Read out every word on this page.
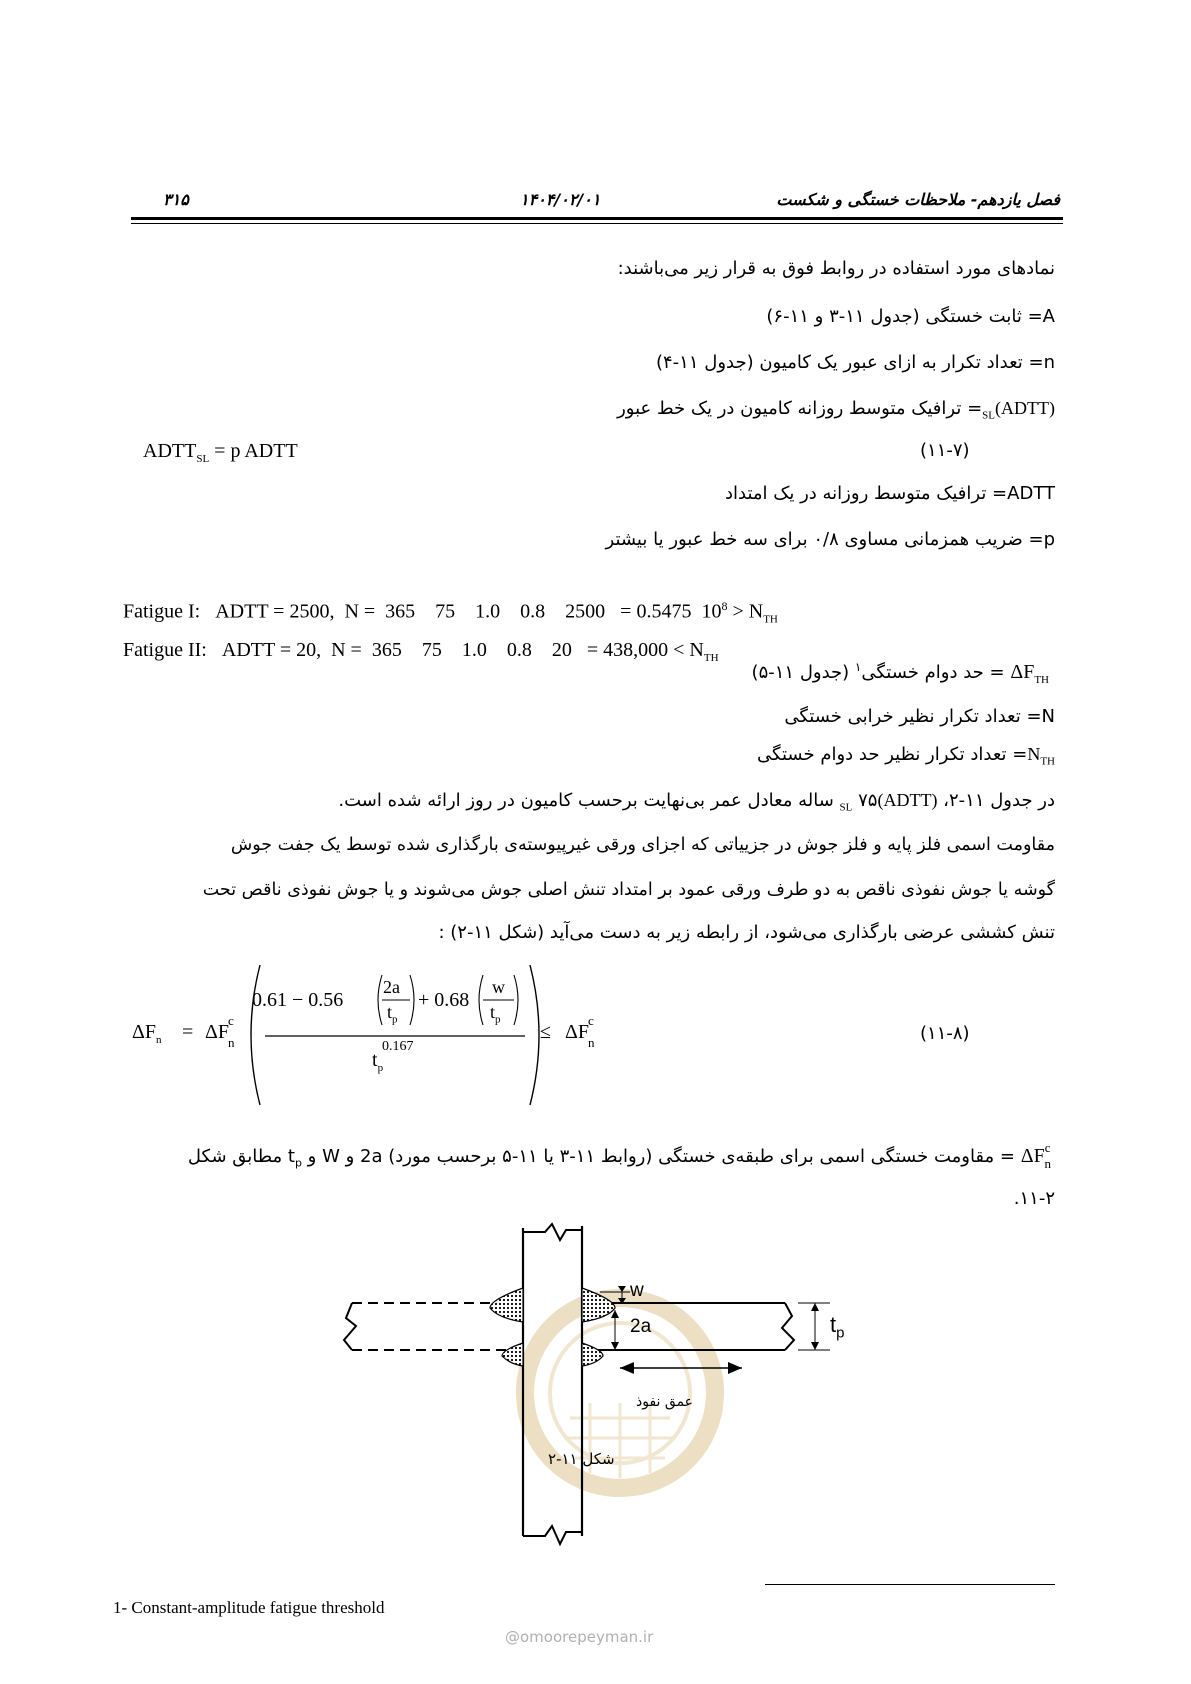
فصل یازدهم- ملاحظات خستگی و شکست
۱۴۰۴/۰۲/۰۱
۳۱۵
نمادهای مورد استفاده در روابط فوق به قرار زیر می‌باشند:
A= ثابت خستگی (جدول ۱۱-۳ و ۱۱-۶)
n= تعداد تکرار به ازای عبور یک کامیون (جدول ۱۱-۴)
$(ADTT)_{SL}=$ ترافیک متوسط روزانه کامیون در یک خط عبور
(۱۱-۷)
$ADTT_{SL} = p$ ADTT
ADTT= ترافیک متوسط روزانه در یک امتداد
p= ضریب همزمانی مساوی ۰/۸ برای سه خط عبور یا بیشتر

Fatigue I: ADTT = 2500,  N =  365    75    1.0    0.8    2500   = 0.5475  $10^8 > N_{TH}$

Fatigue II: ADTT = 20,  N =  365    75    1.0    0.8    $20 = 438,000 < N_{TH}$

$\Delta F_{TH}$ = حد دوام خستگی$^۱$ (جدول ۱۱-۵)
N= تعداد تکرار نظیر خرابی خستگی
$N_{TH}=$ تعداد تکرار نظیر حد دوام خستگی
در جدول ۱۱-۲، $(ADTT)_{SL}$ ۷۵ ساله معادل عمر بی‌نهایت برحسب کامیون در روز ارائه شده است.
مقاومت اسمی فلز پایه و فلز جوش در جزییاتی که اجزای ورقی غیرپیوسته‌ی بارگذاری شده توسط یک جفت جوش
گوشه یا جوش نفوذی ناقص به دو طرف ورقی عمود بر امتداد تنش اصلی جوش می‌شوند و یا جوش نفوذی ناقص تحت
تنش کششی عرضی بارگذاری می‌شود، از رابطه زیر به دست می‌آید (شکل ۱۱-۲) :
$\Delta F_n = \Delta F$
c
n
0.61 − 0.56
2a
$t_p$
+ 0.68
w
$t_p$
$t_p$
0.167
≤ ΔF
c
n	(۱۱-۸)
$\Delta F^c_n$ = مقاومت خستگی اسمی برای طبقه‌ی خستگی (روابط ۱۱-۳ یا ۱۱-۵ برحسب مورد) 2a و W و $t_p$ مطابق شکل
۱۱-۲.
w
2a	$t_p$
عمق نفوذ
شکل ۱۱-۲
1- Constant-amplitude fatigue threshold
@omoorepeyman.ir
